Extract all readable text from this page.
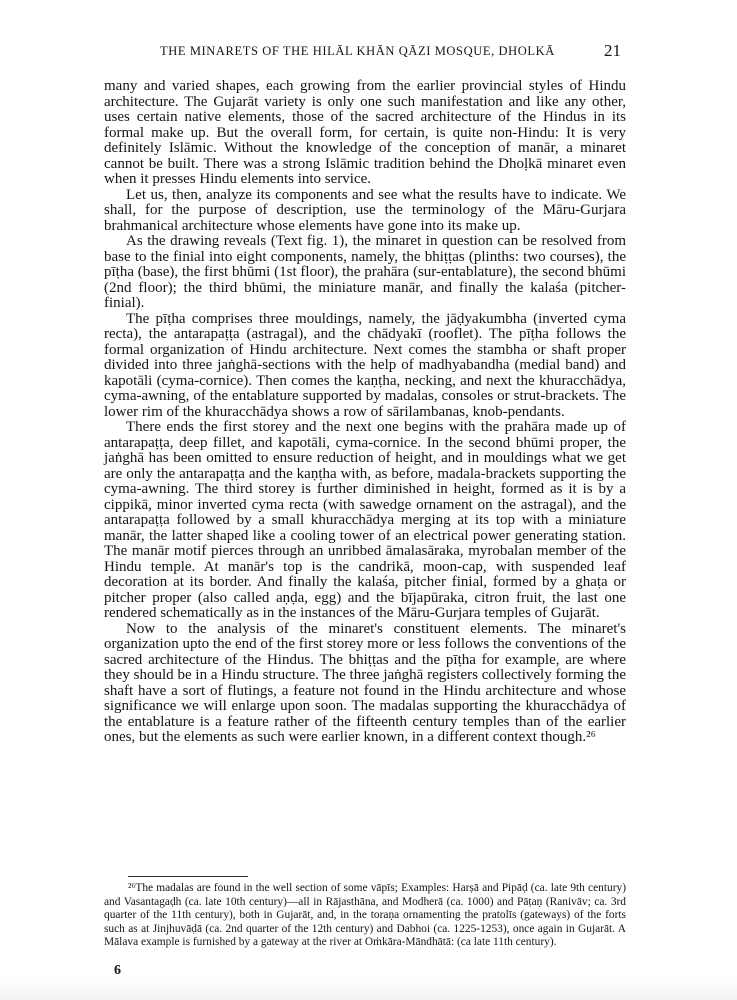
THE MINARETS OF THE HILĀL KHĀN QĀZI MOSQUE, DHOLKĀ	21

many and varied shapes, each growing from the earlier provincial styles of Hindu architecture. The Gujarāt variety is only one such manifestation and like any other, uses certain native elements, those of the sacred architecture of the Hindus in its formal make up. But the overall form, for certain, is quite non-Hindu: It is very definitely Islāmic. Without the knowledge of the conception of manār, a minaret cannot be built. There was a strong Islāmic tradition behind the Dhoḷkā minaret even when it presses Hindu elements into service.

Let us, then, analyze its components and see what the results have to indicate. We shall, for the purpose of description, use the terminology of the Māru-Gurjara brahmanical architecture whose elements have gone into its make up.

As the drawing reveals (Text fig. 1), the minaret in question can be resolved from base to the finial into eight components, namely, the bhiṭṭas (plinths: two courses), the pīṭha (base), the first bhūmi (1st floor), the prahāra (sur-entablature), the second bhūmi (2nd floor); the third bhūmi, the miniature manār, and finally the kalaśa (pitcher-finial).

The pīṭha comprises three mouldings, namely, the jāḍyakumbha (inverted cyma recta), the antarapaṭṭa (astragal), and the chādyakī (rooflet). The pīṭha follows the formal organization of Hindu architecture. Next comes the stambha or shaft proper divided into three jaṅghā-sections with the help of madhyabandha (medial band) and kapotāli (cyma-cornice). Then comes the kaṇṭha, necking, and next the khuracchādya, cyma-awning, of the entablature supported by madalas, consoles or strut-brackets. The lower rim of the khuracchādya shows a row of sārilambanas, knob-pendants.

There ends the first storey and the next one begins with the prahāra made up of antarapaṭṭa, deep fillet, and kapotāli, cyma-cornice. In the second bhūmi proper, the jaṅghā has been omitted to ensure reduction of height, and in mouldings what we get are only the antarapaṭṭa and the kaṇṭha with, as before, madala-brackets supporting the cyma-awning. The third storey is further diminished in height, formed as it is by a cippikā, minor inverted cyma recta (with sawedge ornament on the astragal), and the antarapaṭṭa followed by a small khuracchādya merging at its top with a miniature manār, the latter shaped like a cooling tower of an electrical power generating station. The manār motif pierces through an unribbed āmalasāraka, myrobalan member of the Hindu temple. At manār's top is the candrikā, moon-cap, with suspended leaf decoration at its border. And finally the kalaśa, pitcher finial, formed by a ghaṭa or pitcher proper (also called aṇḍa, egg) and the bījapūraka, citron fruit, the last one rendered schematically as in the instances of the Māru-Gurjara temples of Gujarāt.

Now to the analysis of the minaret's constituent elements. The minaret's organization upto the end of the first storey more or less follows the conventions of the sacred architecture of the Hindus. The bhiṭṭas and the pīṭha for example, are where they should be in a Hindu structure. The three jaṅghā registers collectively forming the shaft have a sort of flutings, a feature not found in the Hindu architecture and whose significance we will enlarge upon soon. The madalas supporting the khuracchādya of the entablature is a feature rather of the fifteenth century temples than of the earlier ones, but the elements as such were earlier known, in a different context though.²⁶

²⁶The madalas are found in the well section of some vāpīs; Examples: Harṣā and Pipāḍ (ca. late 9th century) and Vasantagaḍh (ca. late 10th century)—all in Rājasthāna, and Modherā (ca. 1000) and Pāṭaṇ (Ranivāv; ca. 3rd quarter of the 11th century), both in Gujarāt, and, in the toraṇa ornamenting the pratolīs (gateways) of the forts such as at Jinjhuvāḍā (ca. 2nd quarter of the 12th century) and Dabhoi (ca. 1225-1253), once again in Gujarāt. A Mālava example is furnished by a gateway at the river at Oṁkāra-Māndhātā: (ca late 11th century).
6
